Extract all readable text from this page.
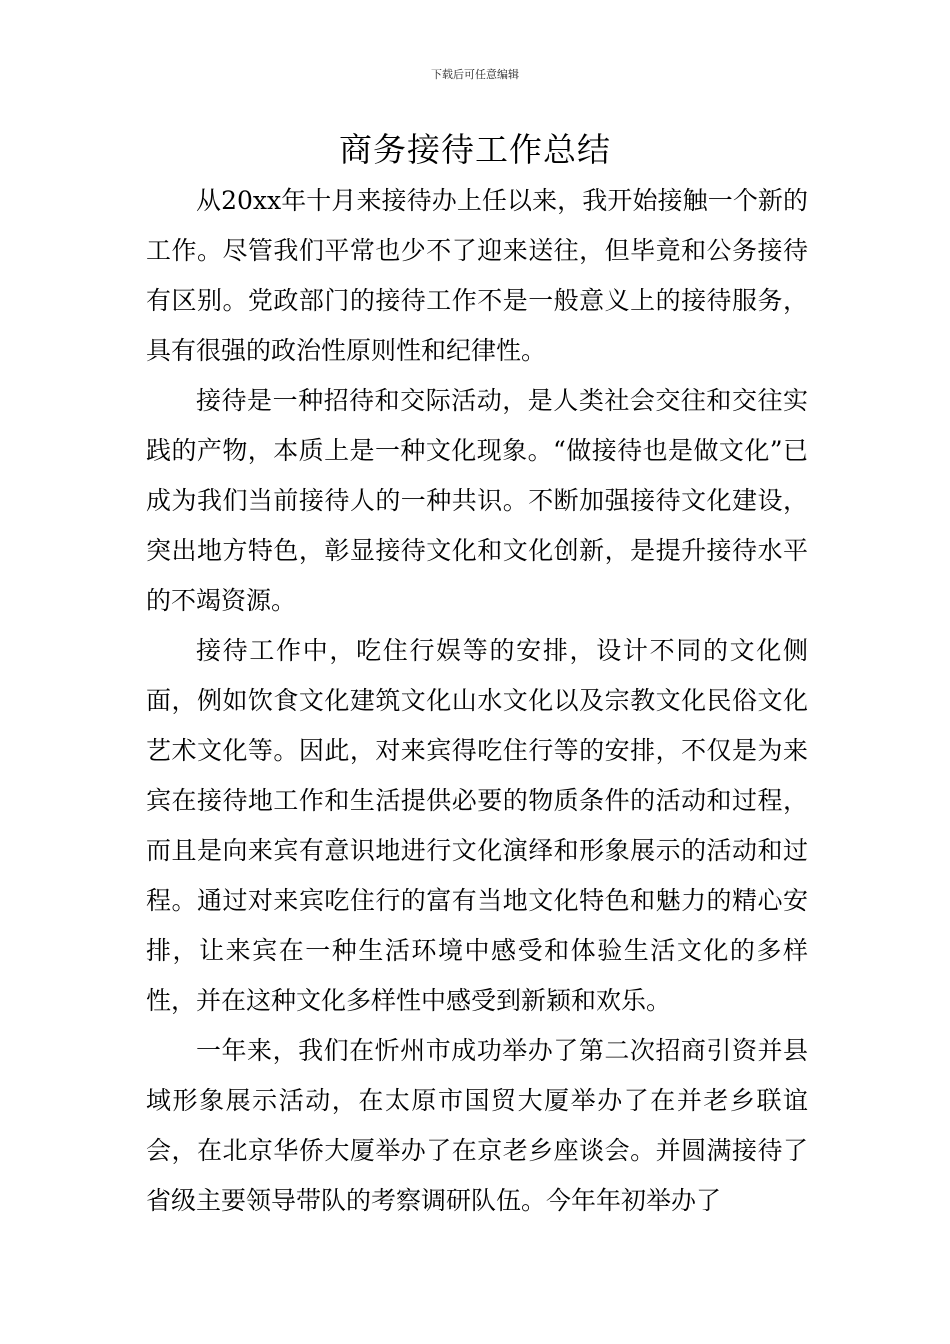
下载后可任意编辑
商务接待工作总结

从20xx年十月来接待办上任以来，我开始接触一个新的工作。尽管我们平常也少不了迎来送往，但毕竟和公务接待有区别。党政部门的接待工作不是一般意义上的接待服务，具有很强的政治性原则性和纪律性。

接待是一种招待和交际活动，是人类社会交往和交往实践的产物，本质上是一种文化现象。“做接待也是做文化”已成为我们当前接待人的一种共识。不断加强接待文化建设，突出地方特色，彰显接待文化和文化创新，是提升接待水平的不竭资源。

接待工作中，吃住行娱等的安排，设计不同的文化侧面，例如饮食文化建筑文化山水文化以及宗教文化民俗文化艺术文化等。因此，对来宾得吃住行等的安排，不仅是为来宾在接待地工作和生活提供必要的物质条件的活动和过程，而且是向来宾有意识地进行文化演绎和形象展示的活动和过程。通过对来宾吃住行的富有当地文化特色和魅力的精心安排，让来宾在一种生活环境中感受和体验生活文化的多样性，并在这种文化多样性中感受到新颖和欢乐。

一年来，我们在忻州市成功举办了第二次招商引资并县域形象展示活动，在太原市国贸大厦举办了在并老乡联谊会，在北京华侨大厦举办了在京老乡座谈会。并圆满接待了省级主要领导带队的考察调研队伍。今年年初举办了
